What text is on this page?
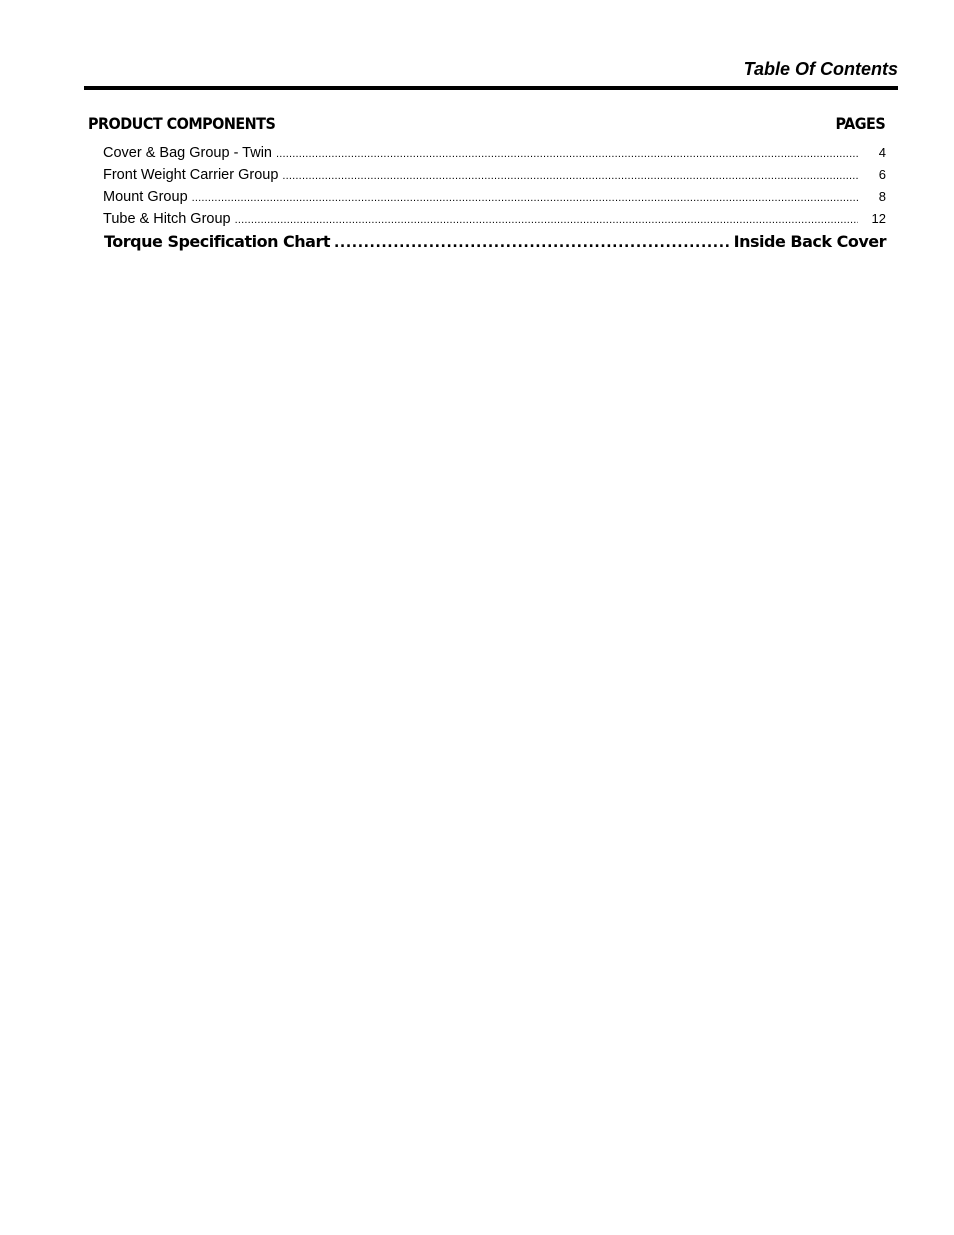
Table Of Contents
PRODUCT COMPONENTS	PAGES
Cover & Bag Group - Twin .....	4
Front Weight Carrier Group .....	6
Mount Group .....	8
Tube & Hitch Group .....	12
Torque Specification Chart .....	Inside Back Cover
